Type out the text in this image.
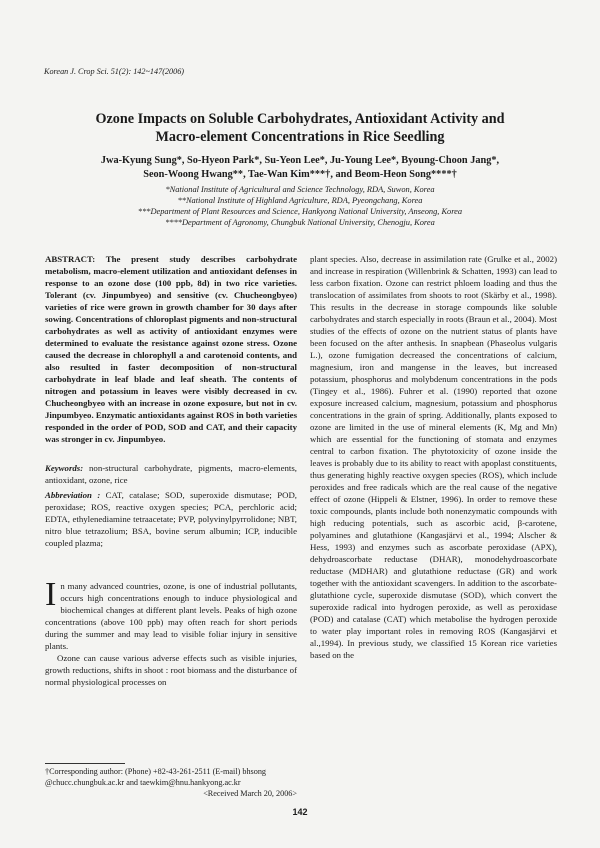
Korean J. Crop Sci. 51(2): 142~147(2006)
Ozone Impacts on Soluble Carbohydrates, Antioxidant Activity and
Macro-element Concentrations in Rice Seedling
Jwa-Kyung Sung*, So-Hyeon Park*, Su-Yeon Lee*, Ju-Young Lee*, Byoung-Choon Jang*,
Seon-Woong Hwang**, Tae-Wan Kim***†, and Beom-Heon Song****†
*National Institute of Agricultural and Science Technology, RDA, Suwon, Korea
**National Institute of Highland Agriculture, RDA, Pyeongchang, Korea
***Department of Plant Resources and Science, Hankyong National University, Anseong, Korea
****Department of Agronomy, Chungbuk National University, Chenogju, Korea
ABSTRACT: The present study describes carbohydrate metabolism, macro-element utilization and antioxidant defenses in response to an ozone dose (100 ppb, 8d) in two rice varieties. Tolerant (cv. Jinpumbyeo) and sensitive (cv. Chucheongbyeo) varieties of rice were grown in growth chamber for 30 days after sowing. Concentrations of chloroplast pigments and non-structural carbohydrates as well as activity of antioxidant enzymes were determined to evaluate the resistance against ozone stress. Ozone caused the decrease in chlorophyll a and carotenoid contents, and also resulted in faster decomposition of non-structural carbohydrate in leaf blade and leaf sheath. The contents of nitrogen and potassium in leaves were visibly decreased in cv. Chucheongbyeo with an increase in ozone exposure, but not in cv. Jinpumbyeo. Enzymatic antioxidants against ROS in both varieties responded in the order of POD, SOD and CAT, and their capacity was stronger in cv. Jinpumbyeo.
Keywords: non-structural carbohydrate, pigments, macro-elements, antioxidant, ozone, rice
Abbreviation : CAT, catalase; SOD, superoxide dismutase; POD, peroxidase; ROS, reactive oxygen species; PCA, perchloric acid; EDTA, ethylenediamine tetraacetate; PVP, polyvinylpyrrolidone; NBT, nitro blue tetrazolium; BSA, bovine serum albumin; ICP, inducible coupled plazma;

In many advanced countries, ozone, is one of industrial pollutants, occurs high concentrations enough to induce physiological and biochemical changes at different plant levels. Peaks of high ozone concentrations (above 100 ppb) may often reach for short periods during the summer and may lead to visible foliar injury in sensitive plants.

Ozone can cause various adverse effects such as visible injuries, growth reductions, shifts in shoot : root biomass and the disturbance of normal physiological processes on

†Corresponding author: (Phone) +82-43-261-2511 (E-mail) bhsong @chucc.chungbuk.ac.kr and taewkim@hnu.hankyong.ac.kr
<Received March 20, 2006>

plant species. Also, decrease in assimilation rate (Grulke et al., 2002) and increase in respiration (Willenbrink & Schatten, 1993) can lead to less carbon fixation. Ozone can restrict phloem loading and thus the translocation of assimilates from shoots to root (Skärby et al., 1998). This results in the decrease in storage compounds like soluble carbohydrates and starch especially in roots (Braun et al., 2004). Most studies of the effects of ozone on the nutrient status of plants have been focused on the after anthesis. In snapbean (Phaseolus vulgaris L.), ozone fumigation decreased the concentrations of calcium, magnesium, iron and mangense in the leaves, but increased potassium, phosphorus and molybdenum concentrations in the pods (Tingey et al., 1986). Fuhrer et al. (1990) reported that ozone exposure increased calcium, magnesium, potassium and phosphorus concentrations in the grain of spring. Additionally, plants exposed to ozone are limited in the use of mineral elements (K, Mg and Mn) which are essential for the functioning of stomata and enzymes central to carbon fixation. The phytotoxicity of ozone inside the leaves is probably due to its ability to react with apoplast constituents, thus generating highly reactive oxygen species (ROS), which include peroxides and free radicals which are the real cause of the negative effect of ozone (Hippeli & Elstner, 1996). In order to remove these toxic compounds, plants include both nonenzymatic compounds with high reducing potentials, such as ascorbic acid, β-carotene, polyamines and glutathione (Kangasjärvi et al., 1994; Alscher & Hess, 1993) and enzymes such as ascorbate peroxidase (APX), dehydroascorbate reductase (DHAR), monodehydroascorbate reductase (MDHAR) and glutathione reductase (GR) and work together with the antioxidant scavengers. In addition to the ascorbate-glutathione cycle, superoxide dismutase (SOD), which convert the superoxide radical into hydrogen peroxide, as well as peroxidase (POD) and catalase (CAT) which metabolise the hydrogen peroxide to water play important roles in removing ROS (Kangasjärvi et al.,1994). In previous study, we classified 15 Korean rice varieties based on the

142
